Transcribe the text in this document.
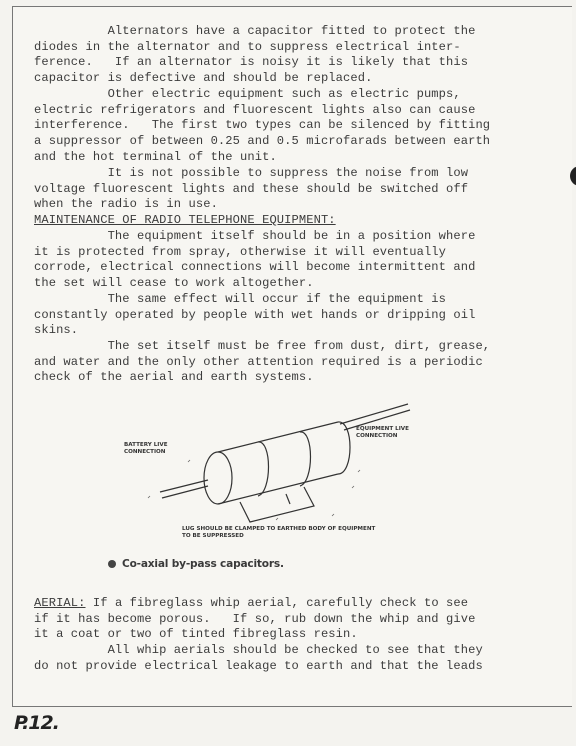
Alternators have a capacitor fitted to protect the
diodes in the alternator and to suppress electrical inter-
ference.   If an alternator is noisy it is likely that this
capacitor is defective and should be replaced.

Other electric equipment such as electric pumps,
electric refrigerators and fluorescent lights also can cause
interference.   The first two types can be silenced by fitting
a suppressor of between 0.25 and 0.5 microfarads between earth
and the hot terminal of the unit.

It is not possible to suppress the noise from low
voltage fluorescent lights and these should be switched off
when the radio is in use.

MAINTENANCE OF RADIO TELEPHONE EQUIPMENT:

The equipment itself should be in a position where
it is protected from spray, otherwise it will eventually
corrode, electrical connections will become intermittent and
the set will cease to work altogether.

The same effect will occur if the equipment is
constantly operated by people with wet hands or dripping oil
skins.

The set itself must be free from dust, dirt, grease,
and water and the only other attention required is a periodic
check of the aerial and earth systems.

BATTERY LIVE
CONNECTION
EQUIPMENT LIVE
CONNECTION
LUG SHOULD BE CLAMPED TO EARTHED BODY OF EQUIPMENT
TO BE SUPPRESSED
Co-axial by-pass capacitors.

AERIAL: If a fibreglass whip aerial, carefully check to see
if it has become porous.   If so, rub down the whip and give
it a coat or two of tinted fibreglass resin.

All whip aerials should be checked to see that they
do not provide electrical leakage to earth and that the leads

P.12.
